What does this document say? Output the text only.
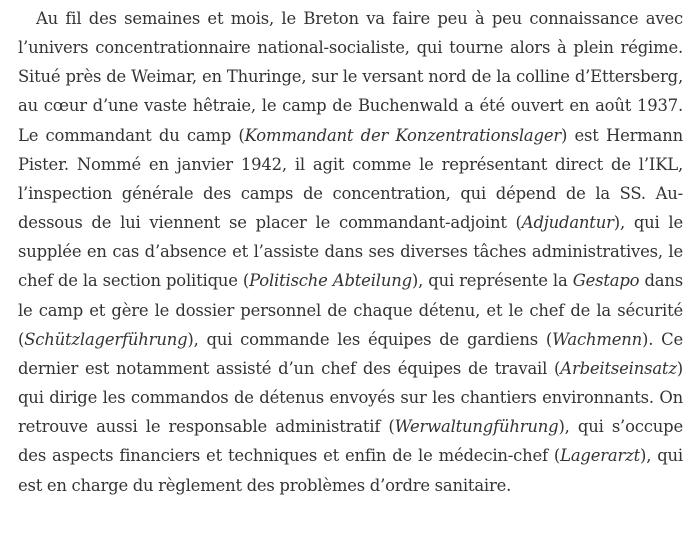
Au fil des semaines et mois, le Breton va faire peu à peu connaissance avec l’univers concentrationnaire national-socialiste, qui tourne alors à plein régime. Situé près de Weimar, en Thuringe, sur le versant nord de la colline d’Ettersberg, au cœur d’une vaste hêtraie, le camp de Buchenwald a été ouvert en août 1937. Le commandant du camp (Kommandant der Konzentrationslager) est Hermann Pister. Nommé en janvier 1942, il agit comme le représentant direct de l’IKL, l’inspection générale des camps de concentration, qui dépend de la SS. Au-dessous de lui viennent se placer le commandant-adjoint (Adjudantur), qui le supplée en cas d’absence et l’assiste dans ses diverses tâches administratives, le chef de la section politique (Politische Abteilung), qui représente la Gestapo dans le camp et gère le dossier personnel de chaque détenu, et le chef de la sécurité (Schützlagerführung), qui commande les équipes de gardiens (Wachmenn). Ce dernier est notamment assisté d’un chef des équipes de travail (Arbeitseinsatz) qui dirige les commandos de détenus envoyés sur les chantiers environnants. On retrouve aussi le responsable administratif (Werwaltungführung), qui s’occupe des aspects financiers et techniques et enfin de le médecin-chef (Lagerarzt), qui est en charge du règlement des problèmes d’ordre sanitaire.
